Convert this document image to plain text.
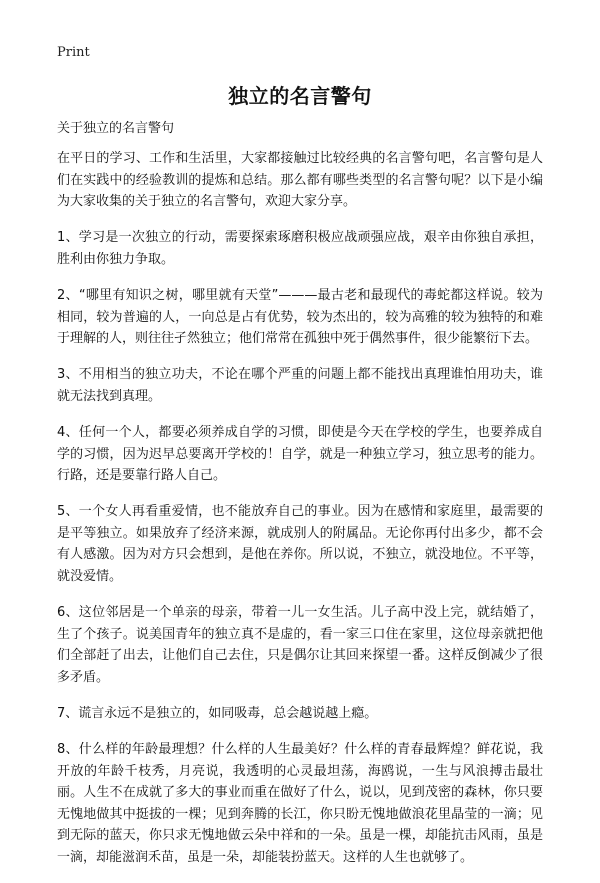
Print
独立的名言警句
关于独立的名言警句

在平日的学习、工作和生活里，大家都接触过比较经典的名言警句吧，名言警句是人们在实践中的经验教训的提炼和总结。那么都有哪些类型的名言警句呢？以下是小编为大家收集的关于独立的名言警句，欢迎大家分享。

1、学习是一次独立的行动，需要探索琢磨积极应战顽强应战，艰辛由你独自承担，胜利由你独力争取。

2、“哪里有知识之树，哪里就有天堂”———最古老和最现代的毒蛇都这样说。较为相同，较为普遍的人，一向总是占有优势，较为杰出的，较为高雅的较为独特的和难于理解的人，则往往孑然独立；他们常常在孤独中死于偶然事件，很少能繁衍下去。

3、不用相当的独立功夫，不论在哪个严重的问题上都不能找出真理谁怕用功夫，谁就无法找到真理。

4、任何一个人，都要必须养成自学的习惯，即使是今天在学校的学生，也要养成自学的习惯，因为迟早总要离开学校的！自学，就是一种独立学习，独立思考的能力。行路，还是要靠行路人自己。

5、一个女人再看重爱情，也不能放弃自己的事业。因为在感情和家庭里，最需要的是平等独立。如果放弃了经济来源，就成别人的附属品。无论你再付出多少，都不会有人感激。因为对方只会想到，是他在养你。所以说，不独立，就没地位。不平等，就没爱情。

6、这位邻居是一个单亲的母亲，带着一儿一女生活。儿子高中没上完，就结婚了，生了个孩子。说美国青年的独立真不是虚的，看一家三口住在家里，这位母亲就把他们全部赶了出去，让他们自己去住，只是偶尔让其回来探望一番。这样反倒减少了很多矛盾。

7、谎言永远不是独立的，如同吸毒，总会越说越上瘾。

8、什么样的年龄最理想？什么样的人生最美好？什么样的青春最辉煌？鲜花说，我开放的年龄千枝秀，月亮说，我透明的心灵最坦荡，海鸥说，一生与风浪搏击最壮丽。人生不在成就了多大的事业而重在做好了什么，说以，见到茂密的森林，你只要无愧地做其中挺拔的一棵；见到奔腾的长江，你只盼无愧地做浪花里晶莹的一滴；见到无际的蓝天，你只求无愧地做云朵中祥和的一朵。虽是一棵，却能抗击风雨，虽是一滴，却能滋润禾苗，虽是一朵，却能装扮蓝天。这样的人生也就够了。
